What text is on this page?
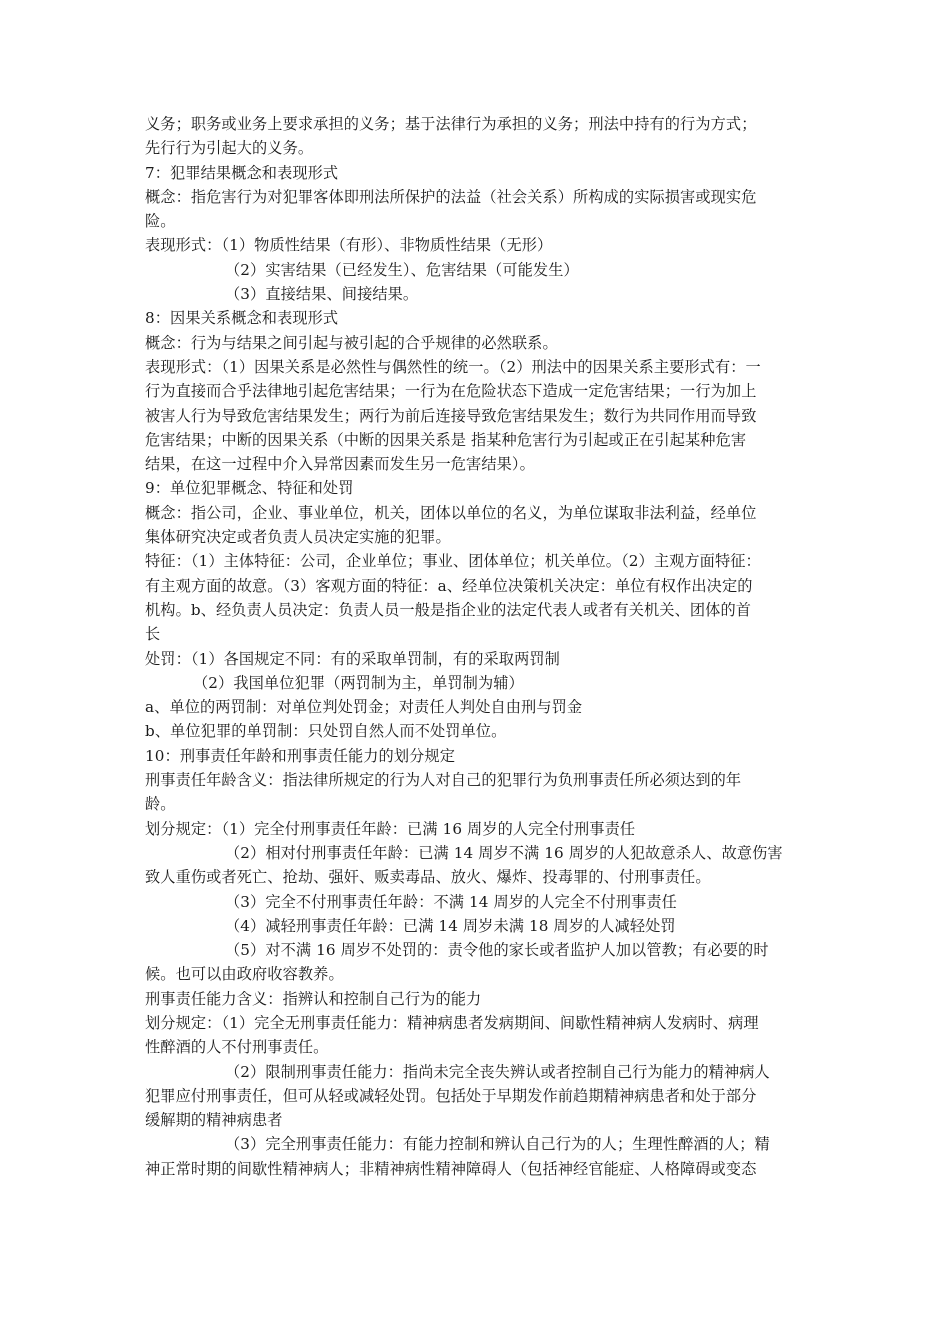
义务；职务或业务上要求承担的义务；基于法律行为承担的义务；刑法中持有的行为方式；
先行行为引起大的义务。
7：犯罪结果概念和表现形式
概念：指危害行为对犯罪客体即刑法所保护的法益（社会关系）所构成的实际损害或现实危
险。
表现形式：（1）物质性结果（有形）、非物质性结果（无形）
（2）实害结果（已经发生）、危害结果（可能发生）
（3）直接结果、间接结果。
8：因果关系概念和表现形式
概念：行为与结果之间引起与被引起的合乎规律的必然联系。
表现形式：（1）因果关系是必然性与偶然性的统一。（2）刑法中的因果关系主要形式有：一
行为直接而合乎法律地引起危害结果；一行为在危险状态下造成一定危害结果；一行为加上
被害人行为导致危害结果发生；两行为前后连接导致危害结果发生；数行为共同作用而导致
危害结果；中断的因果关系（中断的因果关系是 指某种危害行为引起或正在引起某种危害
结果，在这一过程中介入异常因素而发生另一危害结果）。
9：单位犯罪概念、特征和处罚
概念：指公司，企业、事业单位，机关，团体以单位的名义，为单位谋取非法利益，经单位
集体研究决定或者负责人员决定实施的犯罪。
特征：（1）主体特征：公司，企业单位；事业、团体单位；机关单位。（2）主观方面特征：
有主观方面的故意。（3）客观方面的特征：a、经单位决策机关决定：单位有权作出决定的
机构。b、经负责人员决定：负责人员一般是指企业的法定代表人或者有关机关、团体的首
长
处罚：（1）各国规定不同：有的采取单罚制，有的采取两罚制
（2）我国单位犯罪（两罚制为主，单罚制为辅）
a、单位的两罚制：对单位判处罚金；对责任人判处自由刑与罚金
b、单位犯罪的单罚制：只处罚自然人而不处罚单位。
10：刑事责任年龄和刑事责任能力的划分规定
刑事责任年龄含义：指法律所规定的行为人对自己的犯罪行为负刑事责任所必须达到的年
龄。
划分规定：（1）完全付刑事责任年龄：已满 16 周岁的人完全付刑事责任
（2）相对付刑事责任年龄：已满 14 周岁不满 16 周岁的人犯故意杀人、故意伤害
致人重伤或者死亡、抢劫、强奸、贩卖毒品、放火、爆炸、投毒罪的、付刑事责任。
（3）完全不付刑事责任年龄：不满 14 周岁的人完全不付刑事责任
（4）减轻刑事责任年龄：已满 14 周岁未满 18 周岁的人减轻处罚
（5）对不满 16 周岁不处罚的：责令他的家长或者监护人加以管教；有必要的时
候。也可以由政府收容教养。
刑事责任能力含义：指辨认和控制自己行为的能力
划分规定：（1）完全无刑事责任能力：精神病患者发病期间、间歇性精神病人发病时、病理
性醉酒的人不付刑事责任。
（2）限制刑事责任能力：指尚未完全丧失辨认或者控制自己行为能力的精神病人
犯罪应付刑事责任，但可从轻或减轻处罚。包括处于早期发作前趋期精神病患者和处于部分
缓解期的精神病患者
（3）完全刑事责任能力：有能力控制和辨认自己行为的人；生理性醉酒的人；精
神正常时期的间歇性精神病人；非精神病性精神障碍人（包括神经官能症、人格障碍或变态
